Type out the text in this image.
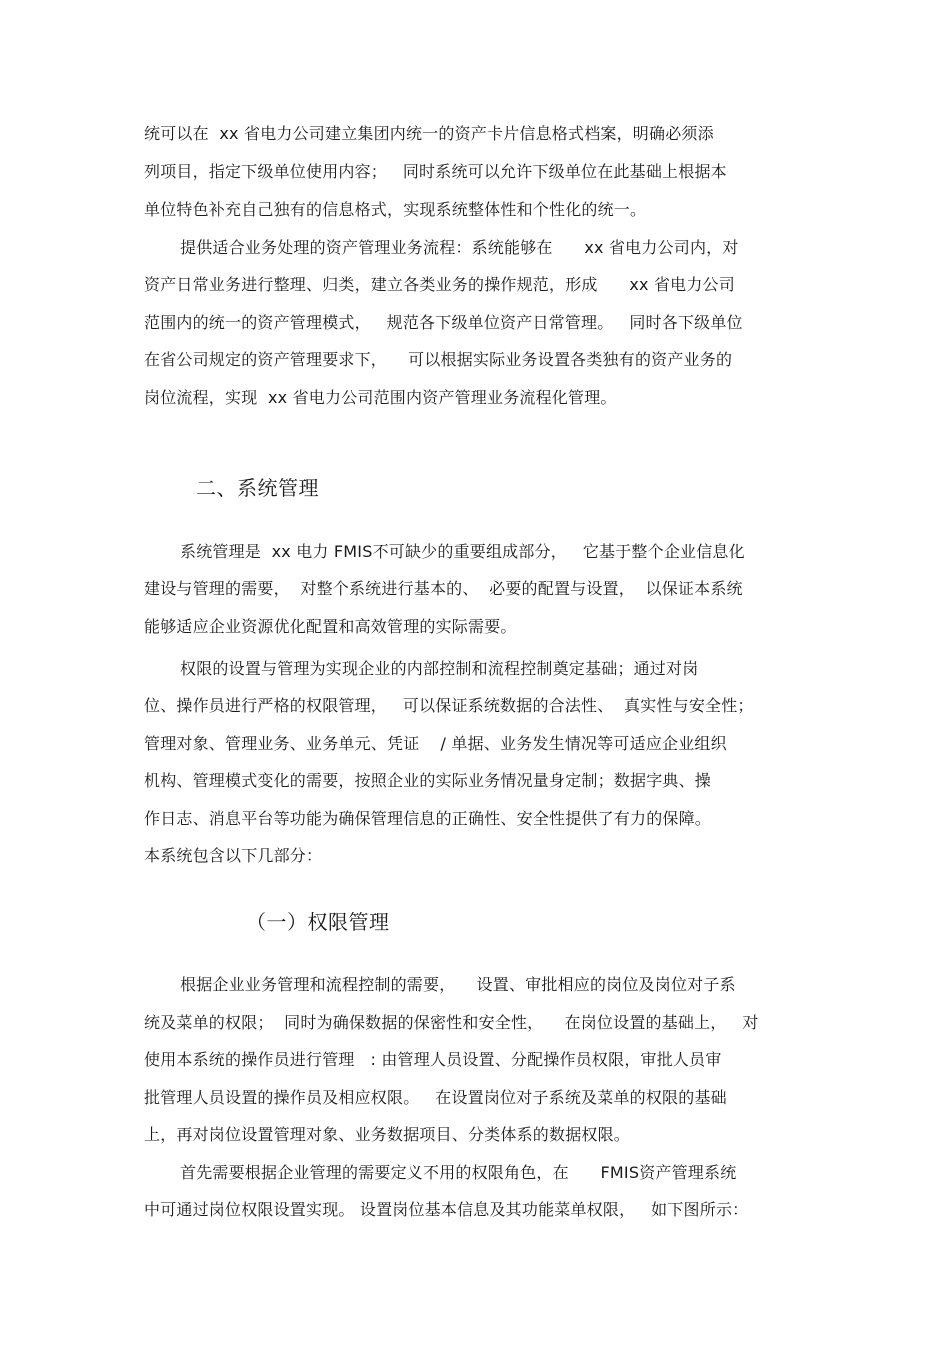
统可以在  xx 省电力公司建立集团内统一的资产卡片信息格式档案，明确必须添
列项目，指定下级单位使用内容；   同时系统可以允许下级单位在此基础上根据本
单位特色补充自己独有的信息格式，实现系统整体性和个性化的统一。
提供适合业务处理的资产管理业务流程：系统能够在      xx 省电力公司内，对
资产日常业务进行整理、归类，建立各类业务的操作规范，形成      xx 省电力公司
范围内的统一的资产管理模式，   规范各下级单位资产日常管理。   同时各下级单位
在省公司规定的资产管理要求下，    可以根据实际业务设置各类独有的资产业务的
岗位流程，实现  xx 省电力公司范围内资产管理业务流程化管理。
二、系统管理
系统管理是  xx 电力 FMIS不可缺少的重要组成部分，   它基于整个企业信息化
建设与管理的需要，  对整个系统进行基本的、  必要的配置与设置，  以保证本系统
能够适应企业资源优化配置和高效管理的实际需要。
权限的设置与管理为实现企业的内部控制和流程控制奠定基础；通过对岗
位、操作员进行严格的权限管理，   可以保证系统数据的合法性、  真实性与安全性；
管理对象、管理业务、业务单元、凭证    / 单据、业务发生情况等可适应企业组织
机构、管理模式变化的需要，按照企业的实际业务情况量身定制；数据字典、操
作日志、消息平台等功能为确保管理信息的正确性、安全性提供了有力的保障。
本系统包含以下几部分：
（一）权限管理
根据企业业务管理和流程控制的需要，    设置、审批相应的岗位及岗位对子系
统及菜单的权限；  同时为确保数据的保密性和安全性，    在岗位设置的基础上，   对
使用本系统的操作员进行管理   : 由管理人员设置、分配操作员权限，审批人员审
批管理人员设置的操作员及相应权限。   在设置岗位对子系统及菜单的权限的基础
上，再对岗位设置管理对象、业务数据项目、分类体系的数据权限。
首先需要根据企业管理的需要定义不用的权限角色，在      FMIS资产管理系统
中可通过岗位权限设置实现。 设置岗位基本信息及其功能菜单权限，   如下图所示：
